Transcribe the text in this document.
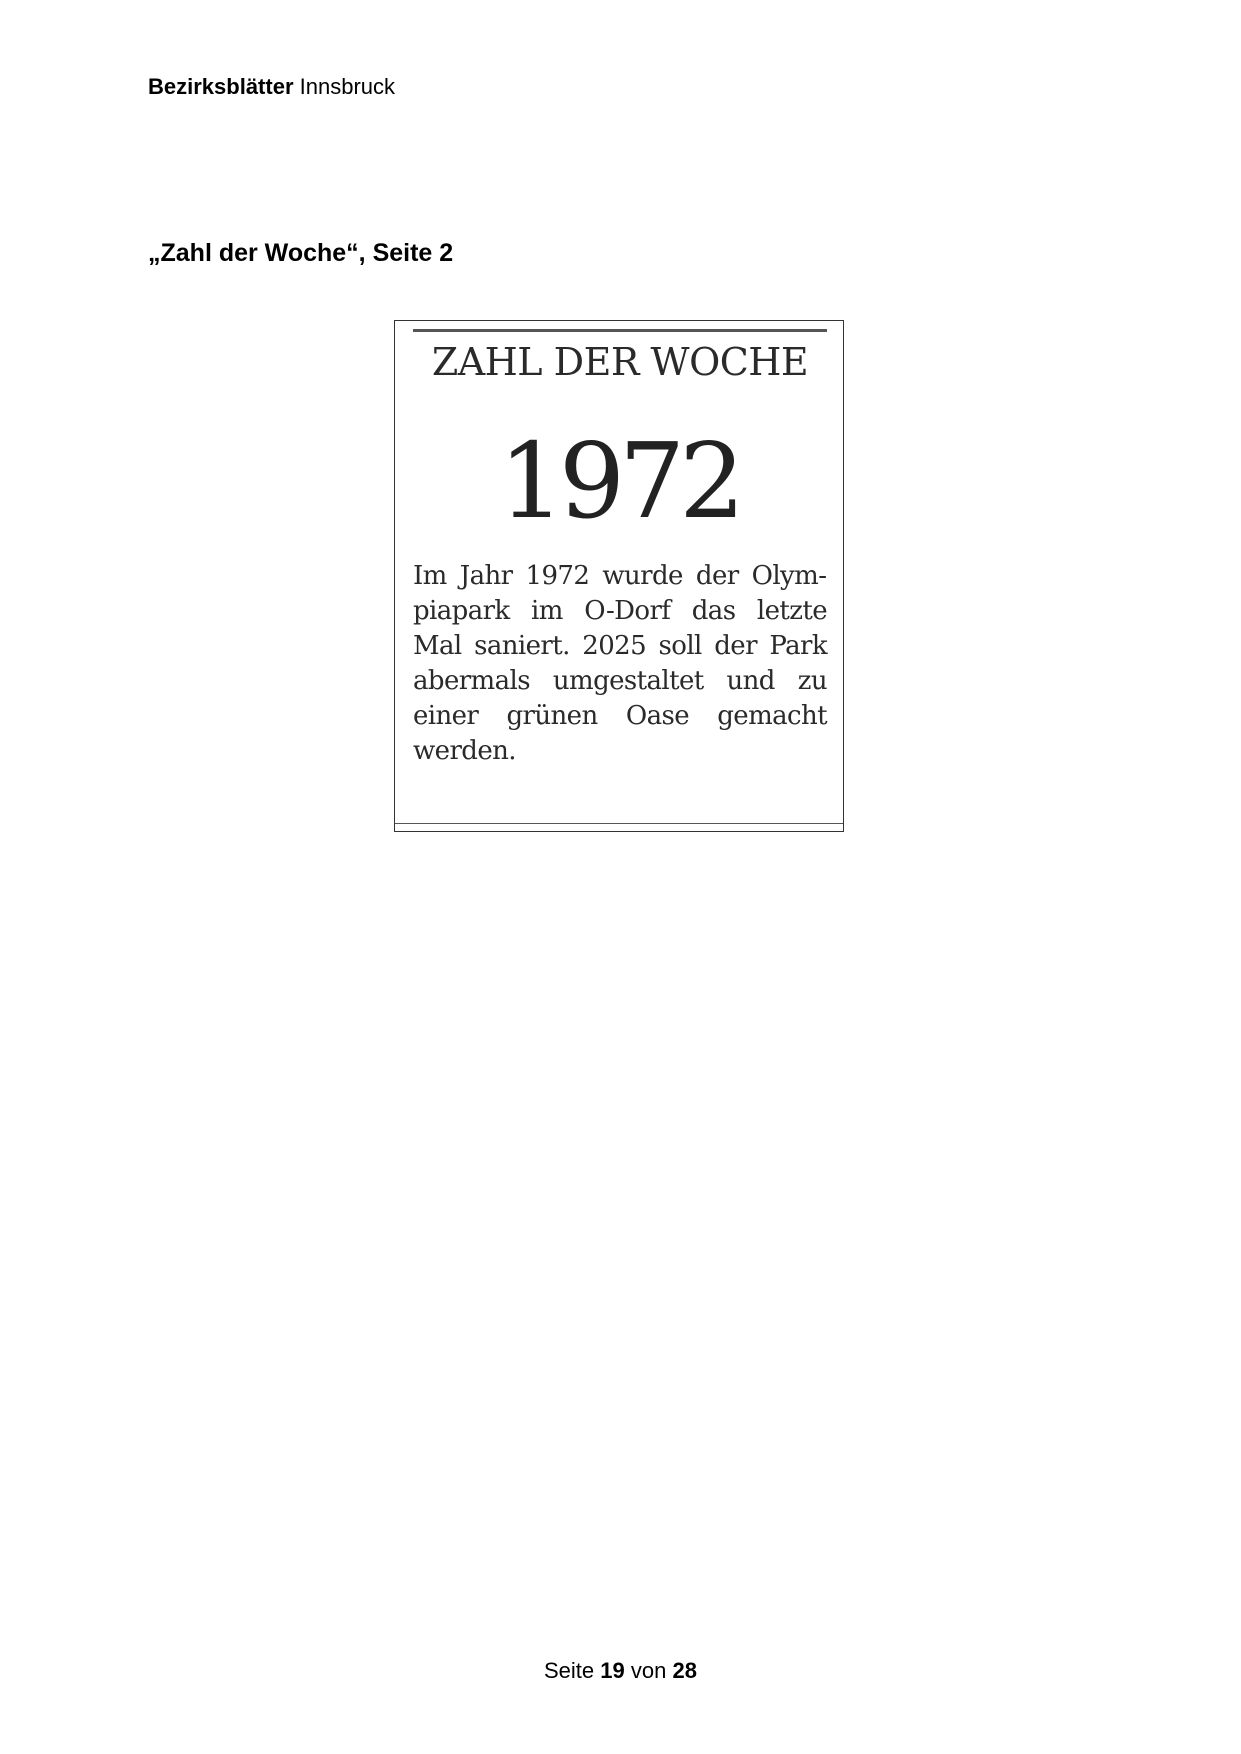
Bezirksblätter Innsbruck
„Zahl der Woche“, Seite 2
ZAHL DER WOCHE
1972
Im Jahr 1972 wurde der Olympiapark im O-Dorf das letzte Mal saniert. 2025 soll der Park abermals umgestaltet und zu einer grünen Oase gemacht werden.
Seite 19 von 28
